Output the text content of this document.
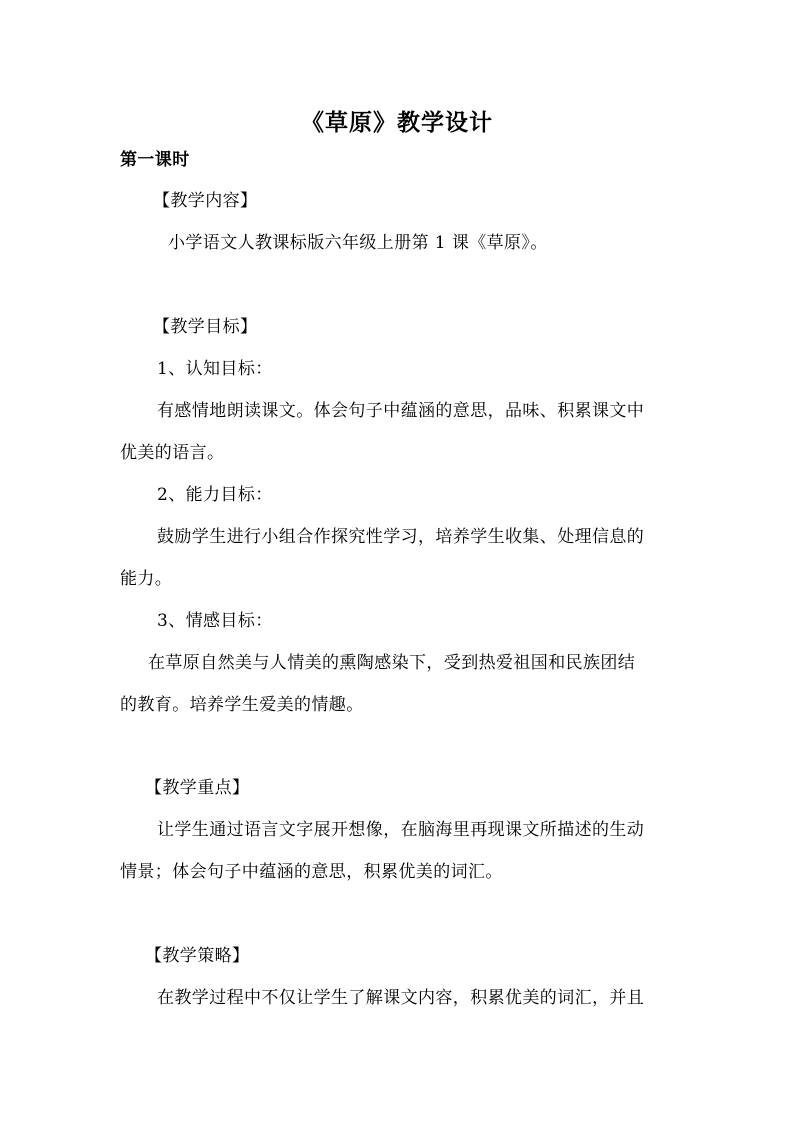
《草原》教学设计
第一课时
【教学内容】
小学语文人教课标版六年级上册第 1 课《草原》。
【教学目标】
1、认知目标：
有感情地朗读课文。体会句子中蕴涵的意思，品味、积累课文中
优美的语言。
2、能力目标：
鼓励学生进行小组合作探究性学习，培养学生收集、处理信息的
能力。
3、情感目标：
在草原自然美与人情美的熏陶感染下，受到热爱祖国和民族团结
的教育。培养学生爱美的情趣。
【教学重点】
让学生通过语言文字展开想像，在脑海里再现课文所描述的生动
情景；体会句子中蕴涵的意思，积累优美的词汇。
【教学策略】
在教学过程中不仅让学生了解课文内容，积累优美的词汇，并且
